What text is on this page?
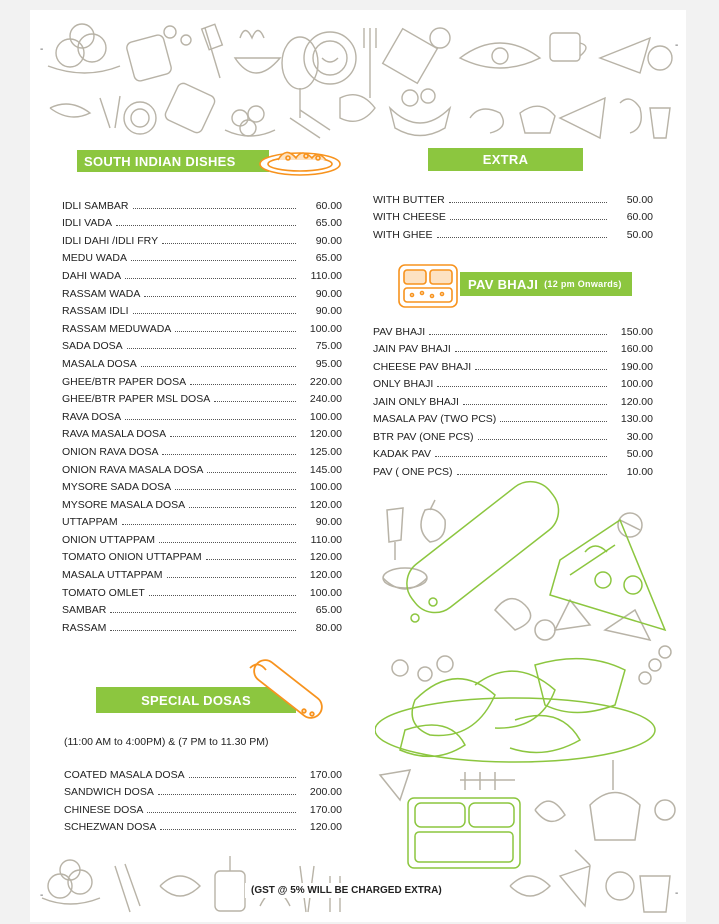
-	-
-	-
SOUTH INDIAN DISHES	EXTRA
IDLI SAMBAR	60.00
IDLI VADA	65.00
IDLI DAHI /IDLI FRY	90.00
MEDU WADA	65.00
DAHI WADA	110.00
RASSAM WADA	90.00
RASSAM IDLI	90.00
RASSAM MEDUWADA	100.00
SADA DOSA	75.00
MASALA DOSA	95.00
GHEE/BTR PAPER DOSA	220.00
GHEE/BTR PAPER MSL DOSA	240.00
RAVA DOSA	100.00
RAVA MASALA DOSA	120.00
ONION RAVA DOSA	125.00
ONION RAVA MASALA DOSA	145.00
MYSORE SADA DOSA	100.00
MYSORE MASALA DOSA	120.00
UTTAPPAM	90.00
ONION UTTAPPAM	110.00
TOMATO ONION UTTAPPAM	120.00
MASALA UTTAPPAM	120.00
TOMATO OMLET	100.00
SAMBAR	65.00
RASSAM	80.00
WITH BUTTER	50.00
WITH CHEESE	60.00
WITH GHEE	50.00
PAV BHAJI (12 pm Onwards)
PAV BHAJI	150.00
JAIN PAV BHAJI	160.00
CHEESE PAV BHAJI	190.00
ONLY BHAJI	100.00
JAIN ONLY BHAJI	120.00
MASALA PAV (TWO PCS)	130.00
BTR PAV (ONE PCS)	30.00
KADAK PAV	50.00
PAV ( ONE PCS)	10.00
SPECIAL DOSAS
(11:00 AM to 4:00PM) & (7 PM to 11.30 PM)
COATED MASALA DOSA	170.00
SANDWICH DOSA	200.00
CHINESE DOSA	170.00
SCHEZWAN DOSA	120.00
(GST @ 5% WILL BE CHARGED EXTRA)
